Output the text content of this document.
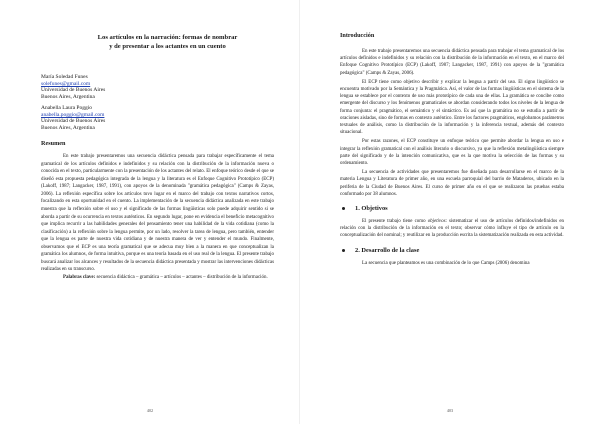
Los artículos en la narración: formas de nombrar
y de presentar a los actantes en un cuento
María Soledad Funes
solefunes@gmail.com
Universidad de Buenos Aires
Buenos Aires, Argentina
Anabella Laura Poggio
anabella.poggio@gmail.com
Universidad de Buenos Aires
Buenos Aires, Argentina
Resumen

En este trabajo presentaremos una secuencia didáctica pensada para trabajar específicamente el tema gramatical de los artículos definidos e indefinidos y su relación con la distribución de la información nueva o conocida en el texto, particularmente con la presentación de los actantes del relato. El enfoque teórico desde el que se diseñó esta propuesta pedagógica integrada de la lengua y la literatura es el Enfoque Cognitivo Prototípico (ECP) (Lakoff, 1987; Langacker, 1987, 1991), con apoyos de la denominada "gramática pedagógica" (Camps & Zayas, 2006). La reflexión específica sobre los artículos tuvo lugar en el marco del trabajo con textos narrativos cortos, focalizando en esta oportunidad en el cuento. La implementación de la secuencia didáctica analizada en este trabajo muestra que la reflexión sobre el uso y el significado de las formas lingüísticas solo puede adquirir sentido si se aborda a partir de su ocurrencia en textos auténticos. En segundo lugar, pone en evidencia el beneficio metacognitivo que implica recurrir a las habilidades generales del pensamiento tener una habilidad de la vida cotidiana (como la clasificación) a la reflexión sobre la lengua permite, por un lado, resolver la tarea de lengua, pero también, entender que la lengua es parte de nuestra vida cotidiana y de nuestra manera de ver y entender el mundo. Finalmente, observamos que el ECP es una teoría gramatical que se adecua muy bien a la manera en que conceptualizan la gramática los alumnos, de forma intuitiva, porque es una teoría basada en el uso real de la lengua. El presente trabajo buscará analizar los alcances y resultados de la secuencia didáctica presentada y mostrar las intervenciones didácticas realizadas en su transcurso.

Palabras clave: secuencia didáctica – gramática – artículos – actantes – distribución de la información.

402
Introducción

En este trabajo presentaremos una secuencia didáctica pensada para trabajar el tema gramatical de los artículos definidos e indefinidos y su relación con la distribución de la información en el texto, en el marco del Enfoque Cognitivo Prototípico (ECP) (Lakoff, 1987; Langacker, 1987, 1991) con apoyos de la "gramática pedagógica" (Camps & Zayas, 2006).

El ECP tiene como objetivo describir y explicar la lengua a partir del uso. El signo lingüístico se encuentra motivado por la Semántica y la Pragmática. Así, el valor de las formas lingüísticas en el sistema de la lengua se establece por el contexto de uso más prototípico de cada una de ellas. La gramática se concibe como emergente del discurso y los fenómenos gramaticales se abordan considerando todos los niveles de la lengua de forma conjunta: el pragmático, el semántico y el sintáctico. Es así que la gramática no se estudia a partir de oraciones aisladas, sino de formas en contexto auténtico. Entre los factores pragmáticos, englobamos parámetros textuales de análisis, como la distribución de la información y la inferencia textual, además del contexto situacional.

Por estas razones, el ECP constituye un enfoque teórico que permite abordar la lengua en uso e integrar la reflexión gramatical con el análisis literario o discursivo, ya que la reflexión metalingüística siempre parte del significado y de la intención comunicativa, que es la que motiva la selección de las formas y su ordenamiento.

La secuencia de actividades que presentaremos fue diseñada para desarrollarse en el marco de la materia Lengua y Literatura de primer año, en una escuela parroquial del barrio de Mataderos, ubicado en la periferia de la Ciudad de Buenos Aires. El curso de primer año en el que se realizaron las pruebas estaba conformado por 38 alumnos.

1. Objetivos

El presente trabajo tiene como objetivos: sistematizar el uso de artículos definidos/indefinidos en relación con la distribución de la información en el texto; observar cómo influye el tipo de artículo en la conceptualización del nominal; y reutilizar en la producción escrita la sistematización realizada en esta actividad.

2. Desarrollo de la clase

La secuencia que planteamos es una combinación de lo que Camps (2006) denomina

403
